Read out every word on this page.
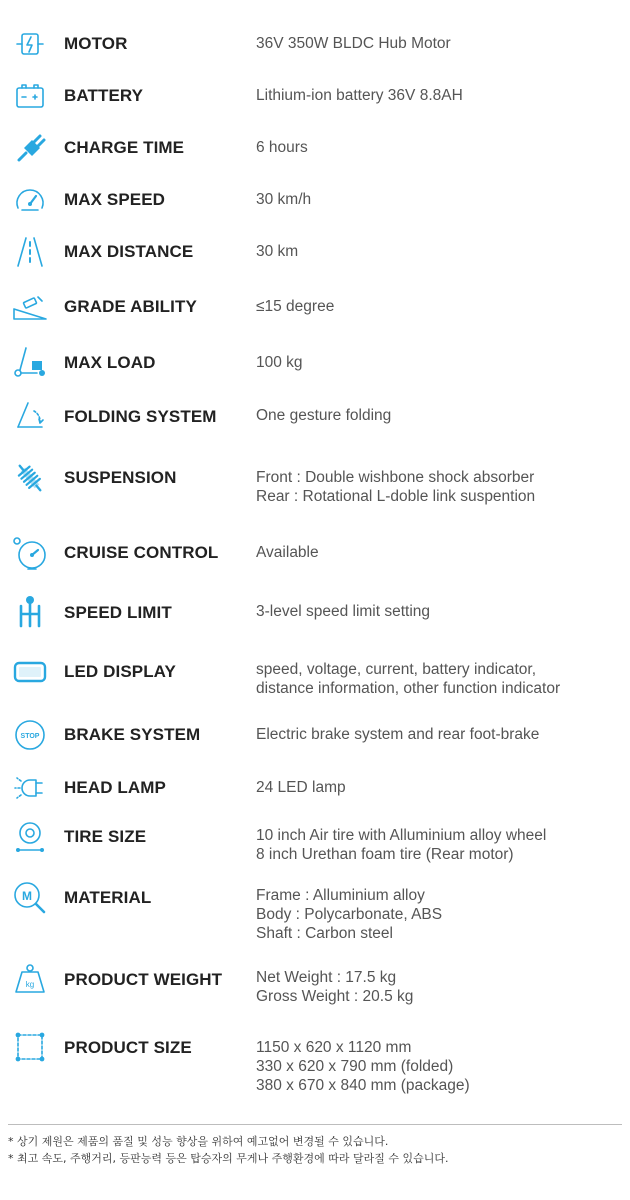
MOTOR	36V 350W BLDC Hub Motor
BATTERY	Lithium-ion battery 36V 8.8AH
CHARGE TIME	6 hours
MAX SPEED	30 km/h
MAX DISTANCE	30 km
GRADE ABILITY	≤15 degree
MAX LOAD	100 kg
FOLDING SYSTEM	One gesture folding
SUSPENSION	Front : Double wishbone shock absorber
Rear : Rotational L-doble link suspention
CRUISE CONTROL Available
SPEED LIMIT	3-level speed limit setting
LED DISPLAY	speed, voltage, current, battery indicator,
distance information, other function indicator
STOP BRAKE SYSTEM	Electric brake system and rear foot-brake
HEAD LAMP	24 LED lamp
TIRE SIZE	10 inch Air tire with Alluminium alloy wheel
8 inch Urethan foam tire (Rear motor)
M MATERIAL	Frame : Alluminium alloy
Body : Polycarbonate, ABS
Shaft : Carbon steel
kg PRODUCT WEIGHT Net Weight : 17.5 kg
Gross Weight : 20.5 kg
PRODUCT SIZE	1150 x 620 x 1120 mm
330 x 620 x 790 mm (folded)
380 x 670 x 840 mm (package)
* 상기 제원은 제품의 품질 및 성능 향상을 위하여 예고없어 변경될 수 있습니다.
* 최고 속도, 주행거리, 등판능력 등은 탑승자의 무게나 주행환경에 따라 달라질 수 있습니다.
